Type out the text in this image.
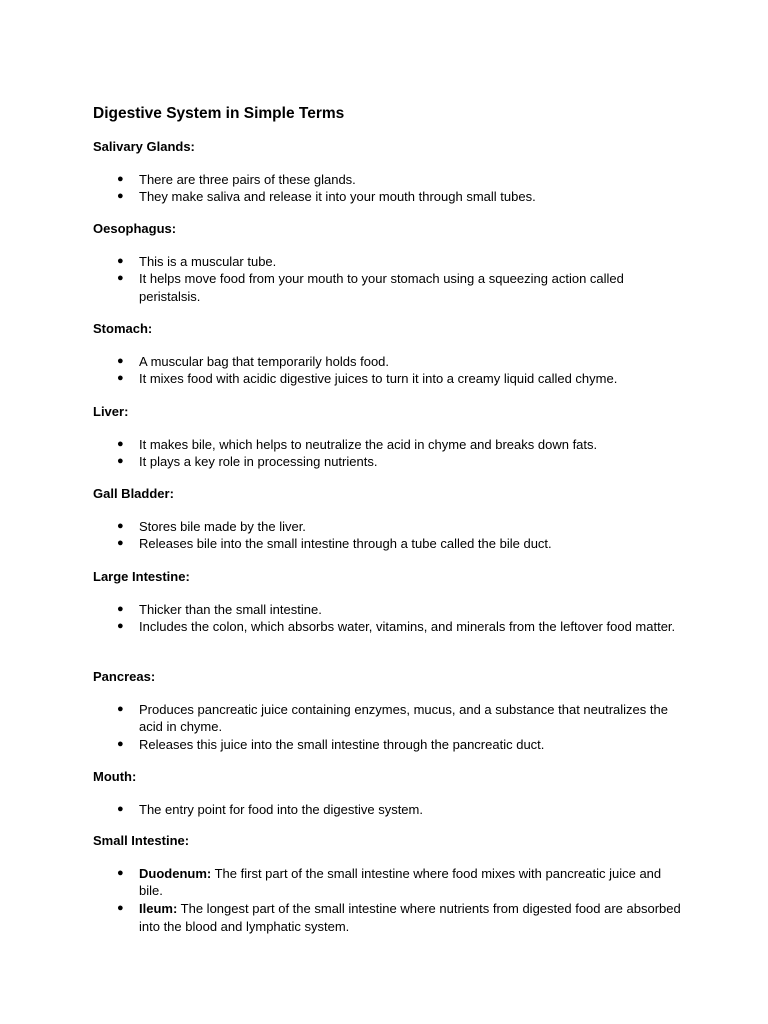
Digestive System in Simple Terms
Salivary Glands:
● There are three pairs of these glands.
● They make saliva and release it into your mouth through small tubes.
Oesophagus:
● This is a muscular tube.
● It helps move food from your mouth to your stomach using a squeezing action called peristalsis.
Stomach:
● A muscular bag that temporarily holds food.
● It mixes food with acidic digestive juices to turn it into a creamy liquid called chyme.
Liver:
● It makes bile, which helps to neutralize the acid in chyme and breaks down fats.
● It plays a key role in processing nutrients.
Gall Bladder:
● Stores bile made by the liver.
● Releases bile into the small intestine through a tube called the bile duct.
Large Intestine:
● Thicker than the small intestine.
● Includes the colon, which absorbs water, vitamins, and minerals from the leftover food matter.
Pancreas:
● Produces pancreatic juice containing enzymes, mucus, and a substance that neutralizes the acid in chyme.
● Releases this juice into the small intestine through the pancreatic duct.
Mouth:
● The entry point for food into the digestive system.
Small Intestine:
● Duodenum: The first part of the small intestine where food mixes with pancreatic juice and bile.
● Ileum: The longest part of the small intestine where nutrients from digested food are absorbed into the blood and lymphatic system.
